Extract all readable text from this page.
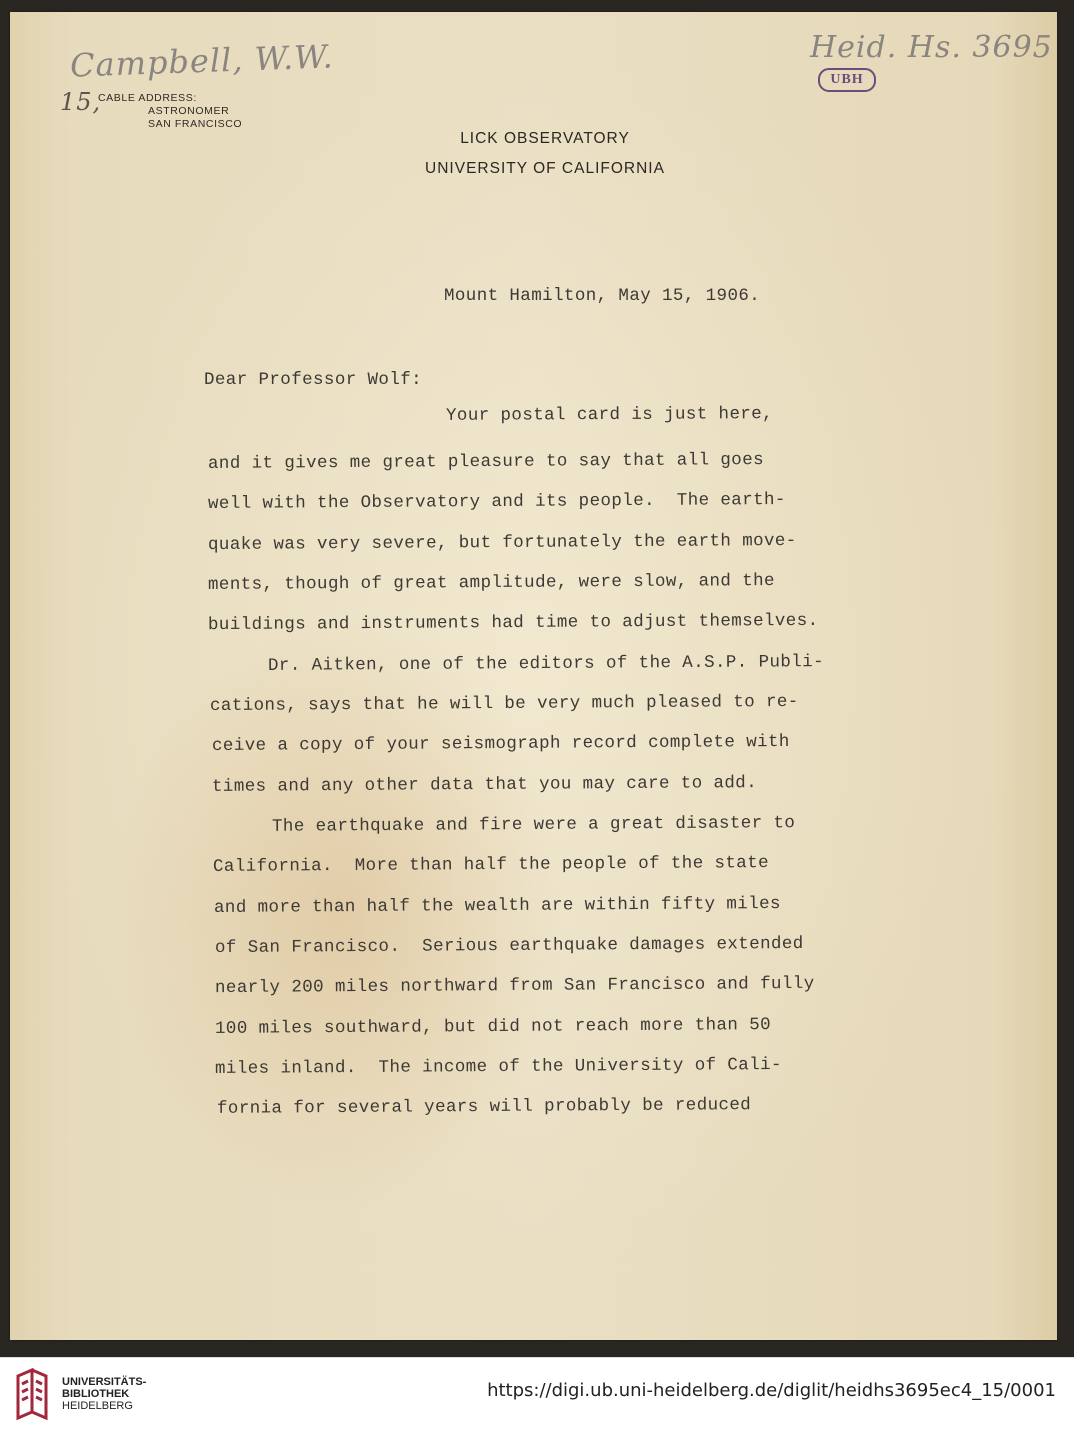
Campbell, W.W.
15,
Heid. Hs. 3695
UBH
CABLE ADDRESS:
ASTRONOMER
SAN FRANCISCO
LICK OBSERVATORY
UNIVERSITY OF CALIFORNIA
Mount Hamilton, May 15, 1906.
Dear Professor Wolf:
Your postal card is just here,
and it gives me great pleasure to say that all goes
well with the Observatory and its people.  The earth-
quake was very severe, but fortunately the earth move-
ments, though of great amplitude, were slow, and the
buildings and instruments had time to adjust themselves.
Dr. Aitken, one of the editors of the A.S.P. Publi-
cations, says that he will be very much pleased to re-
ceive a copy of your seismograph record complete with
times and any other data that you may care to add.
The earthquake and fire were a great disaster to
California.  More than half the people of the state
and more than half the wealth are within fifty miles
of San Francisco.  Serious earthquake damages extended
nearly 200 miles northward from San Francisco and fully
100 miles southward, but did not reach more than 50
miles inland.  The income of the University of Cali-
fornia for several years will probably be reduced
UNIVERSITÄTS-
BIBLIOTHEK
HEIDELBERG
https://digi.ub.uni-heidelberg.de/diglit/heidhs3695ec4_15/0001
